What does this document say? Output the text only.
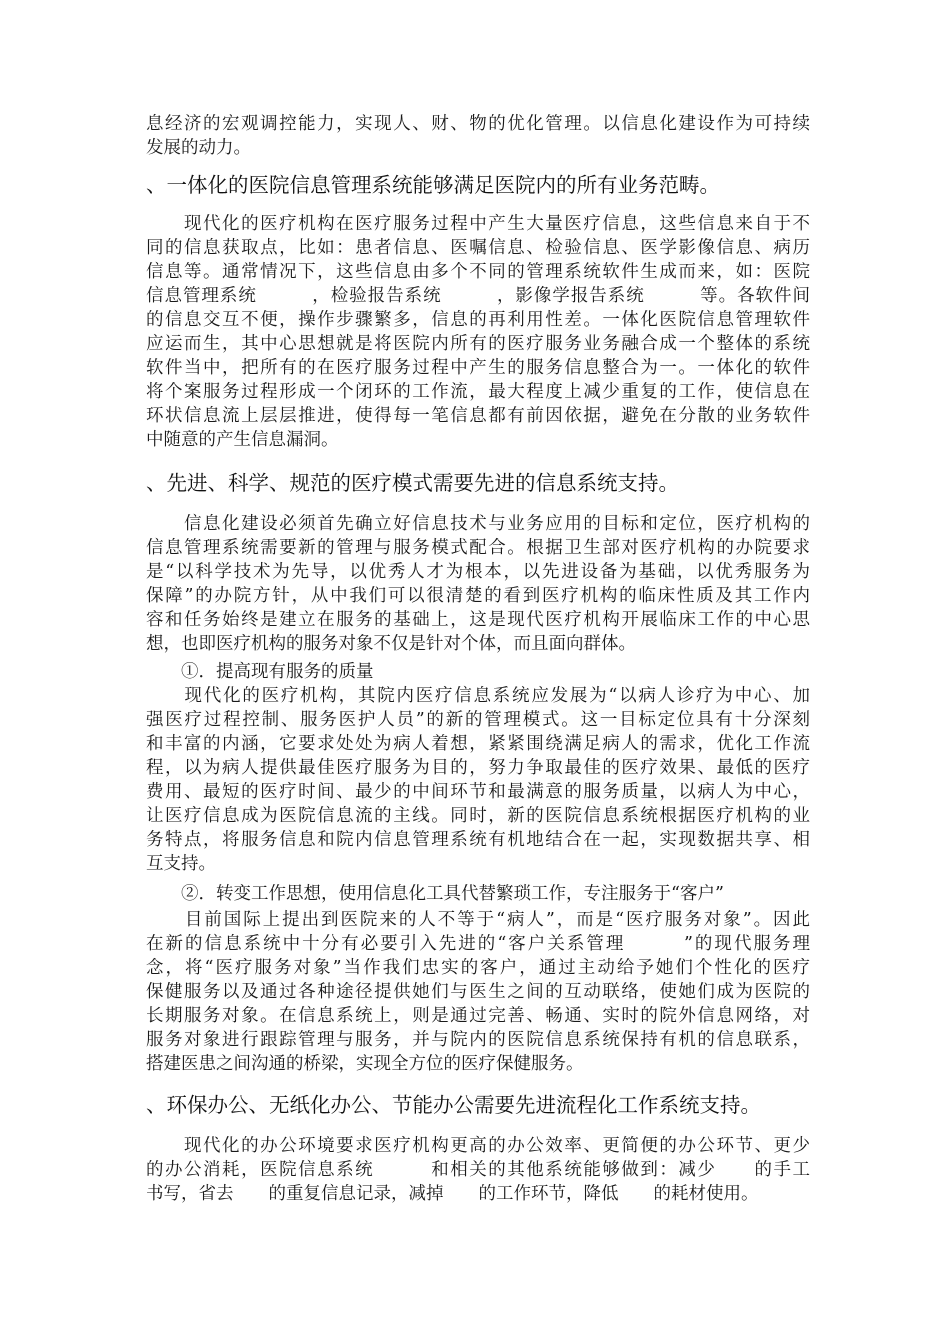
息经济的宏观调控能力，实现人、财、物的优化管理。以信息化建设作为可持续
发展的动力。
、一体化的医院信息管理系统能够满足医院内的所有业务范畴。
　　现代化的医疗机构在医疗服务过程中产生大量医疗信息，这些信息来自于不
同的信息获取点，比如：患者信息、医嘱信息、检验信息、医学影像信息、病历
信息等。通常情况下，这些信息由多个不同的管理系统软件生成而来，如：医院
信息管理系统　　　，检验报告系统　　　，影像学报告系统　　　等。各软件间
的信息交互不便，操作步骤繁多，信息的再利用性差。一体化医院信息管理软件
应运而生，其中心思想就是将医院内所有的医疗服务业务融合成一个整体的系统
软件当中，把所有的在医疗服务过程中产生的服务信息整合为一。一体化的软件
将个案服务过程形成一个闭环的工作流，最大程度上减少重复的工作，使信息在
环状信息流上层层推进，使得每一笔信息都有前因依据，避免在分散的业务软件
中随意的产生信息漏洞。
、先进、科学、规范的医疗模式需要先进的信息系统支持。
　　信息化建设必须首先确立好信息技术与业务应用的目标和定位，医疗机构的
信息管理系统需要新的管理与服务模式配合。根据卫生部对医疗机构的办院要求
是“以科学技术为先导，以优秀人才为根本，以先进设备为基础，以优秀服务为
保障”的办院方针，从中我们可以很清楚的看到医疗机构的临床性质及其工作内
容和任务始终是建立在服务的基础上，这是现代医疗机构开展临床工作的中心思
想，也即医疗机构的服务对象不仅是针对个体，而且面向群体。
　　①．提高现有服务的质量
　　现代化的医疗机构，其院内医疗信息系统应发展为“以病人诊疗为中心、加
强医疗过程控制、服务医护人员”的新的管理模式。这一目标定位具有十分深刻
和丰富的内涵，它要求处处为病人着想，紧紧围绕满足病人的需求，优化工作流
程，以为病人提供最佳医疗服务为目的，努力争取最佳的医疗效果、最低的医疗
费用、最短的医疗时间、最少的中间环节和最满意的服务质量，以病人为中心，
让医疗信息成为医院信息流的主线。同时，新的医院信息系统根据医疗机构的业
务特点，将服务信息和院内信息管理系统有机地结合在一起，实现数据共享、相
互支持。
　　②．转变工作思想，使用信息化工具代替繁琐工作，专注服务于“客户”
　　目前国际上提出到医院来的人不等于“病人”，而是“医疗服务对象”。因此
在新的信息系统中十分有必要引入先进的“客户关系管理　　　”的现代服务理
念，将“医疗服务对象”当作我们忠实的客户，通过主动给予她们个性化的医疗
保健服务以及通过各种途径提供她们与医生之间的互动联络，使她们成为医院的
长期服务对象。在信息系统上，则是通过完善、畅通、实时的院外信息网络，对
服务对象进行跟踪管理与服务，并与院内的医院信息系统保持有机的信息联系，
搭建医患之间沟通的桥梁，实现全方位的医疗保健服务。
、环保办公、无纸化办公、节能办公需要先进流程化工作系统支持。
　　现代化的办公环境要求医疗机构更高的办公效率、更简便的办公环节、更少
的办公消耗，医院信息系统　　　和相关的其他系统能够做到：减少　　的手工
书写，省去　　的重复信息记录，减掉　　的工作环节，降低　　的耗材使用。
